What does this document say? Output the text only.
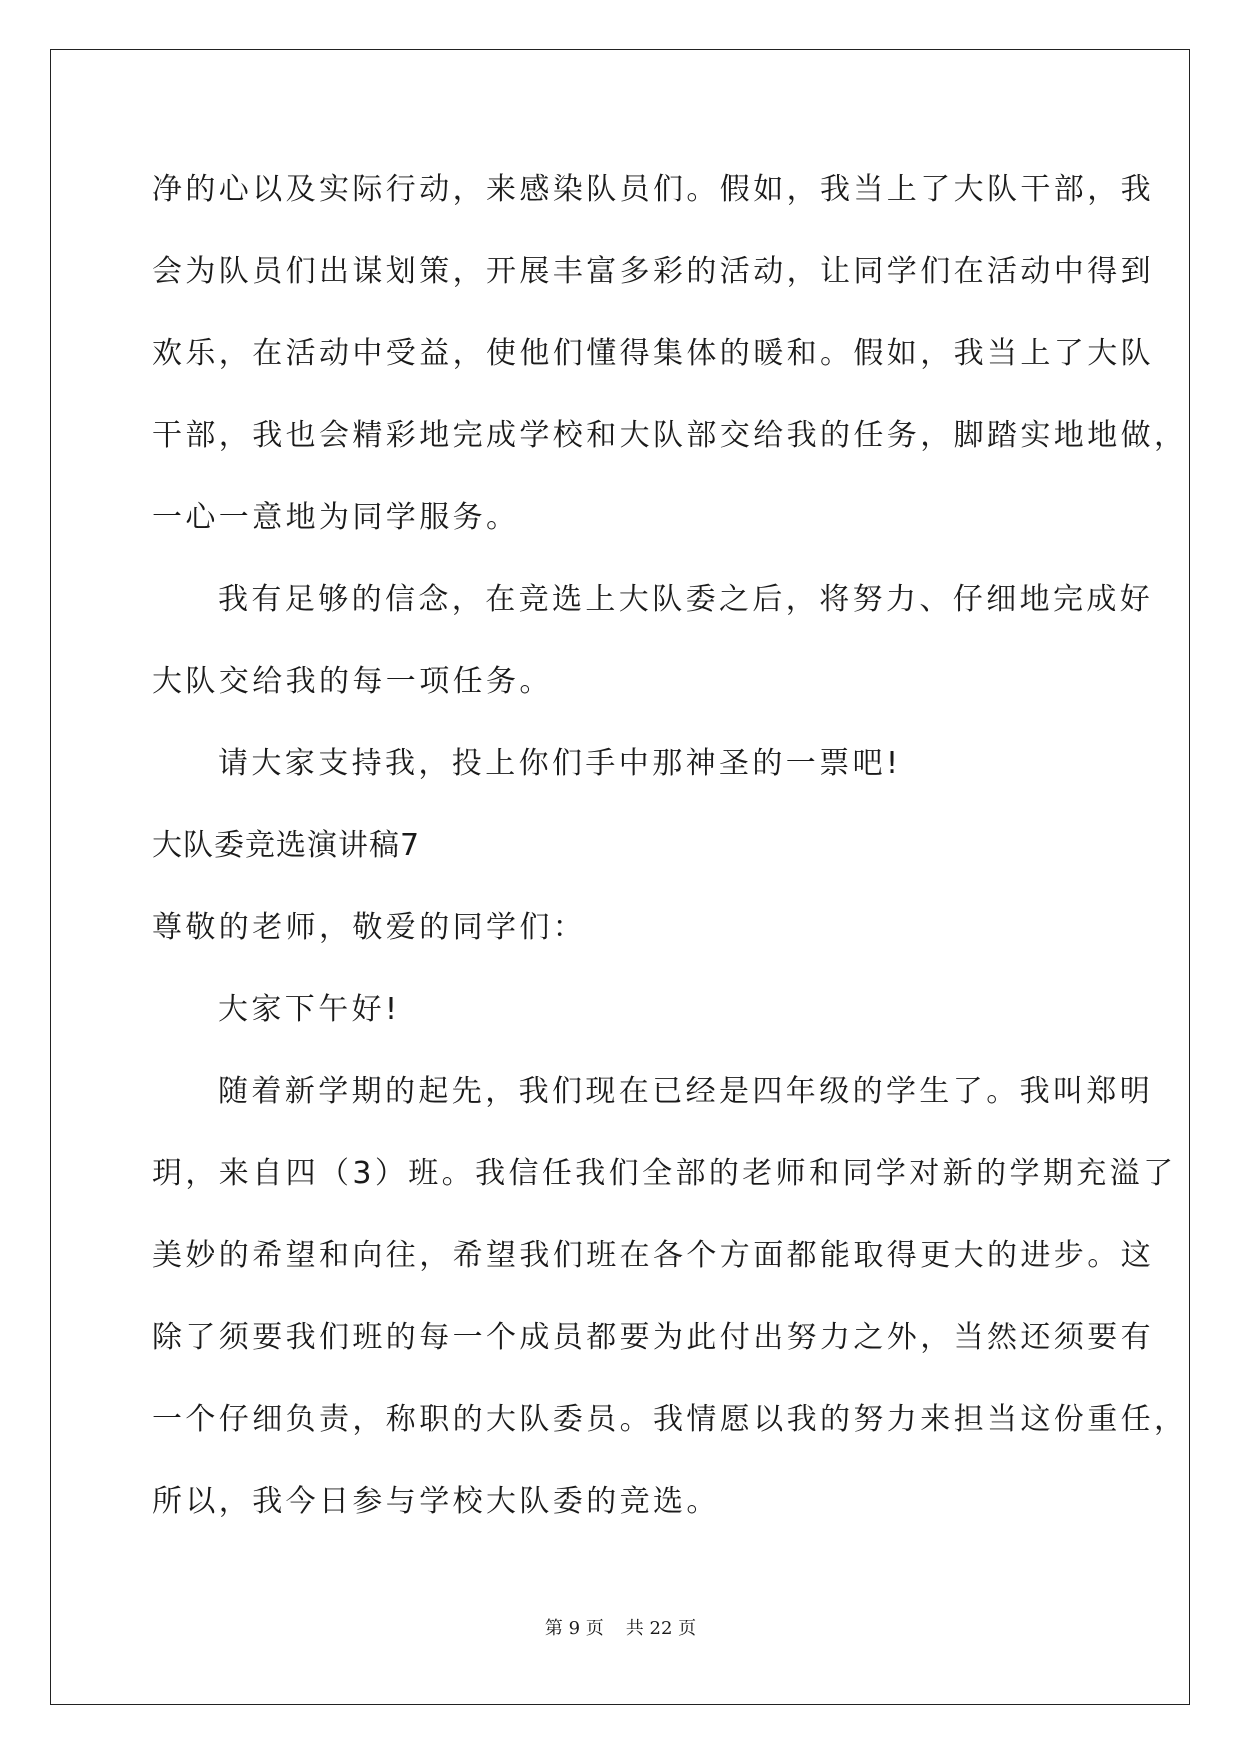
净的心以及实际行动，来感染队员们。假如，我当上了大队干部，我
会为队员们出谋划策，开展丰富多彩的活动，让同学们在活动中得到
欢乐，在活动中受益，使他们懂得集体的暖和。假如，我当上了大队
干部，我也会精彩地完成学校和大队部交给我的任务，脚踏实地地做，
一心一意地为同学服务。
我有足够的信念，在竞选上大队委之后，将努力、仔细地完成好
大队交给我的每一项任务。
请大家支持我，投上你们手中那神圣的一票吧!
大队委竞选演讲稿7
尊敬的老师，敬爱的同学们：
大家下午好!
随着新学期的起先，我们现在已经是四年级的学生了。我叫郑明
玥，来自四（3）班。我信任我们全部的老师和同学对新的学期充溢了
美妙的希望和向往，希望我们班在各个方面都能取得更大的进步。这
除了须要我们班的每一个成员都要为此付出努力之外，当然还须要有
一个仔细负责，称职的大队委员。我情愿以我的努力来担当这份重任，
所以，我今日参与学校大队委的竞选。
第 9 页 共 22 页
